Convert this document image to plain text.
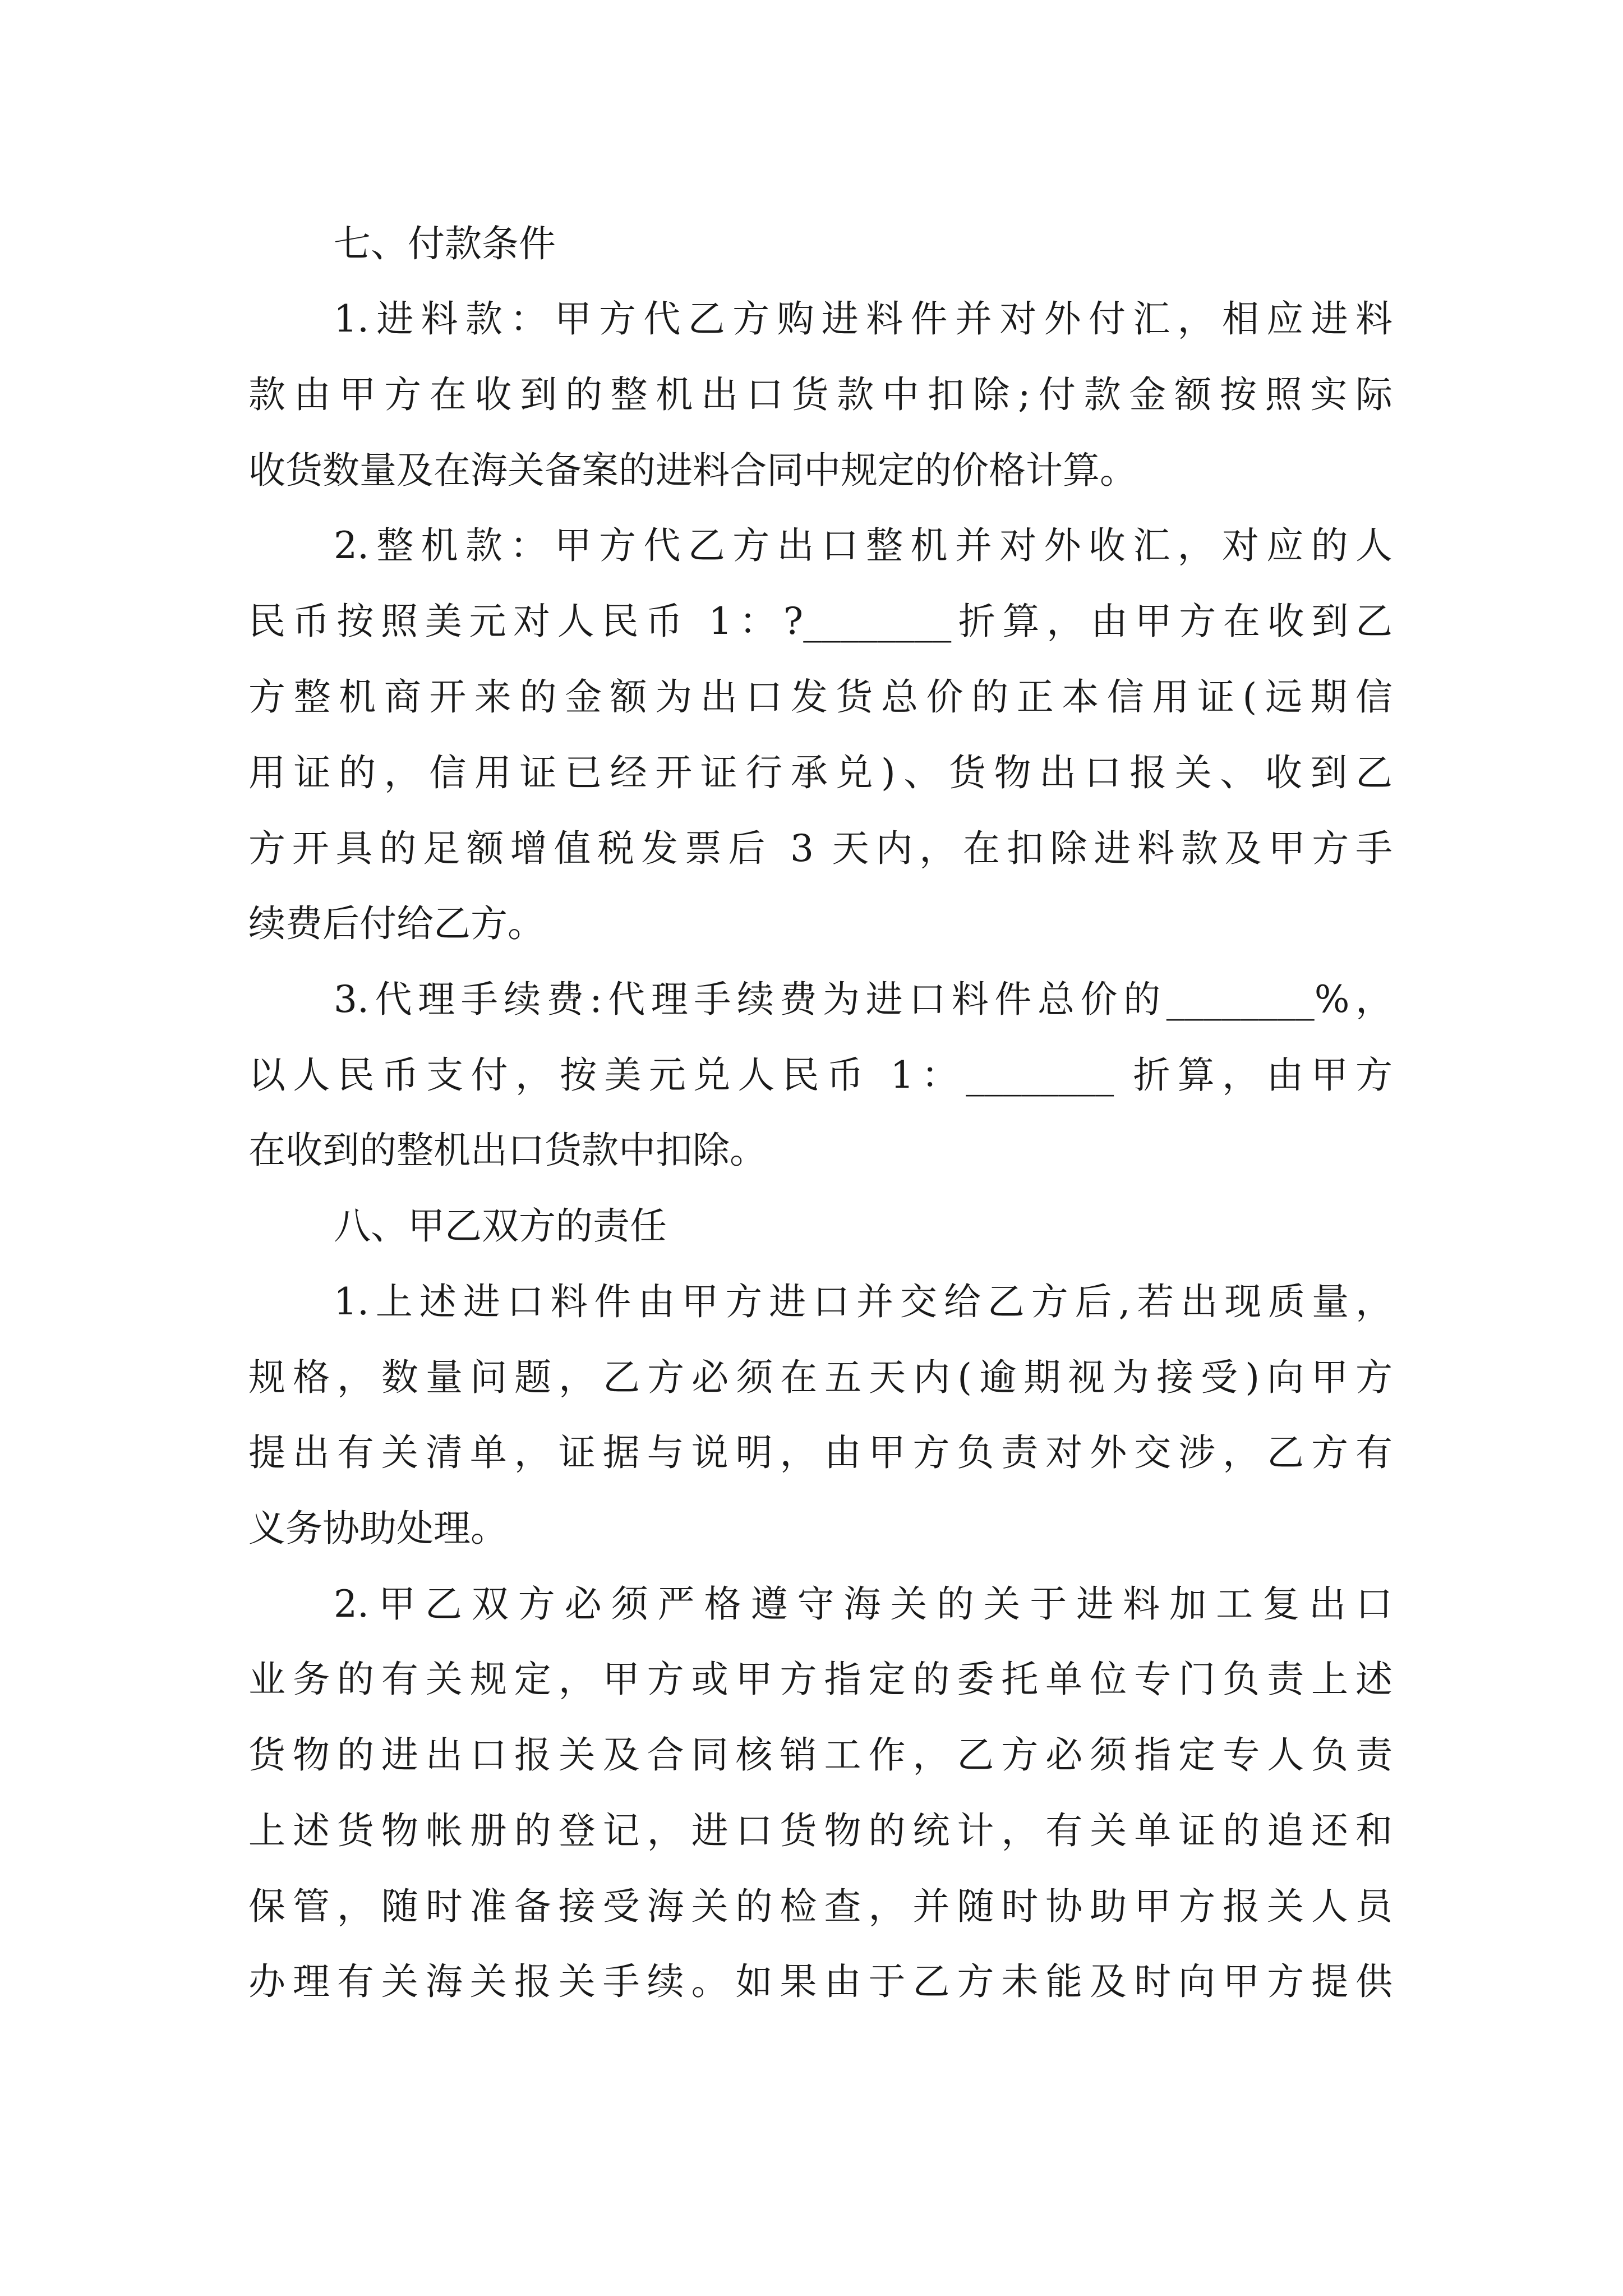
七、付款条件
1.进料款：甲方代乙方购进料件并对外付汇，相应进料
款由甲方在收到的整机出口货款中扣除;付款金额按照实际
收货数量及在海关备案的进料合同中规定的价格计算。
2.整机款：甲方代乙方出口整机并对外收汇，对应的人
民币按照美元对人民币 1：?________折算，由甲方在收到乙
方整机商开来的金额为出口发货总价的正本信用证(远期信
用证的，信用证已经开证行承兑)、货物出口报关、收到乙
方开具的足额增值税发票后 3 天内，在扣除进料款及甲方手
续费后付给乙方。
3.代理手续费:代理手续费为进口料件总价的________%，
以人民币支付，按美元兑人民币 1：________ 折算，由甲方
在收到的整机出口货款中扣除。
八、甲乙双方的责任
1.上述进口料件由甲方进口并交给乙方后,若出现质量，
规格，数量问题，乙方必须在五天内(逾期视为接受)向甲方
提出有关清单，证据与说明，由甲方负责对外交涉，乙方有
义务协助处理。
2.甲乙双方必须严格遵守海关的关于进料加工复出口
业务的有关规定，甲方或甲方指定的委托单位专门负责上述
货物的进出口报关及合同核销工作，乙方必须指定专人负责
上述货物帐册的登记，进口货物的统计，有关单证的追还和
保管，随时准备接受海关的检查，并随时协助甲方报关人员
办理有关海关报关手续。如果由于乙方未能及时向甲方提供
